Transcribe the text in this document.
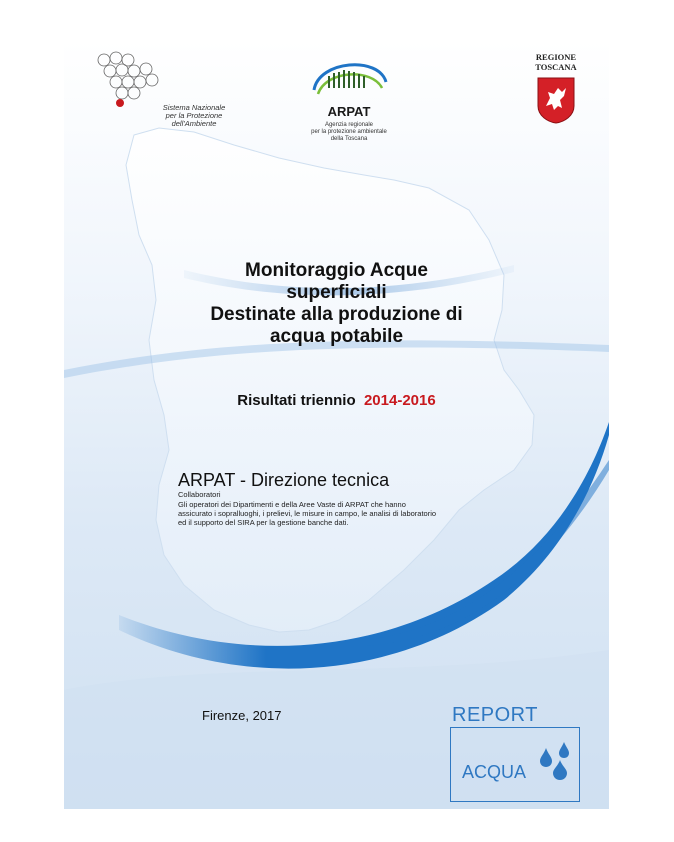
Sistema Nazionale
per la Protezione
dell'Ambiente
ARPAT
Agenzia regionale
per la protezione ambientale
della Toscana
REGIONE
TOSCANA
Monitoraggio Acque
superficiali
Destinate alla produzione di
acqua potabile
Risultati triennio 2014-2016
ARPAT - Direzione tecnica
Collaboratori
Gli operatori dei Dipartimenti e della Aree Vaste di ARPAT che hanno
assicurato i sopralluoghi, i prelievi, le misure in campo, le analisi di laboratorio
ed il supporto del SIRA per la gestione banche dati.
Firenze, 2017	REPORT
ACQUA
